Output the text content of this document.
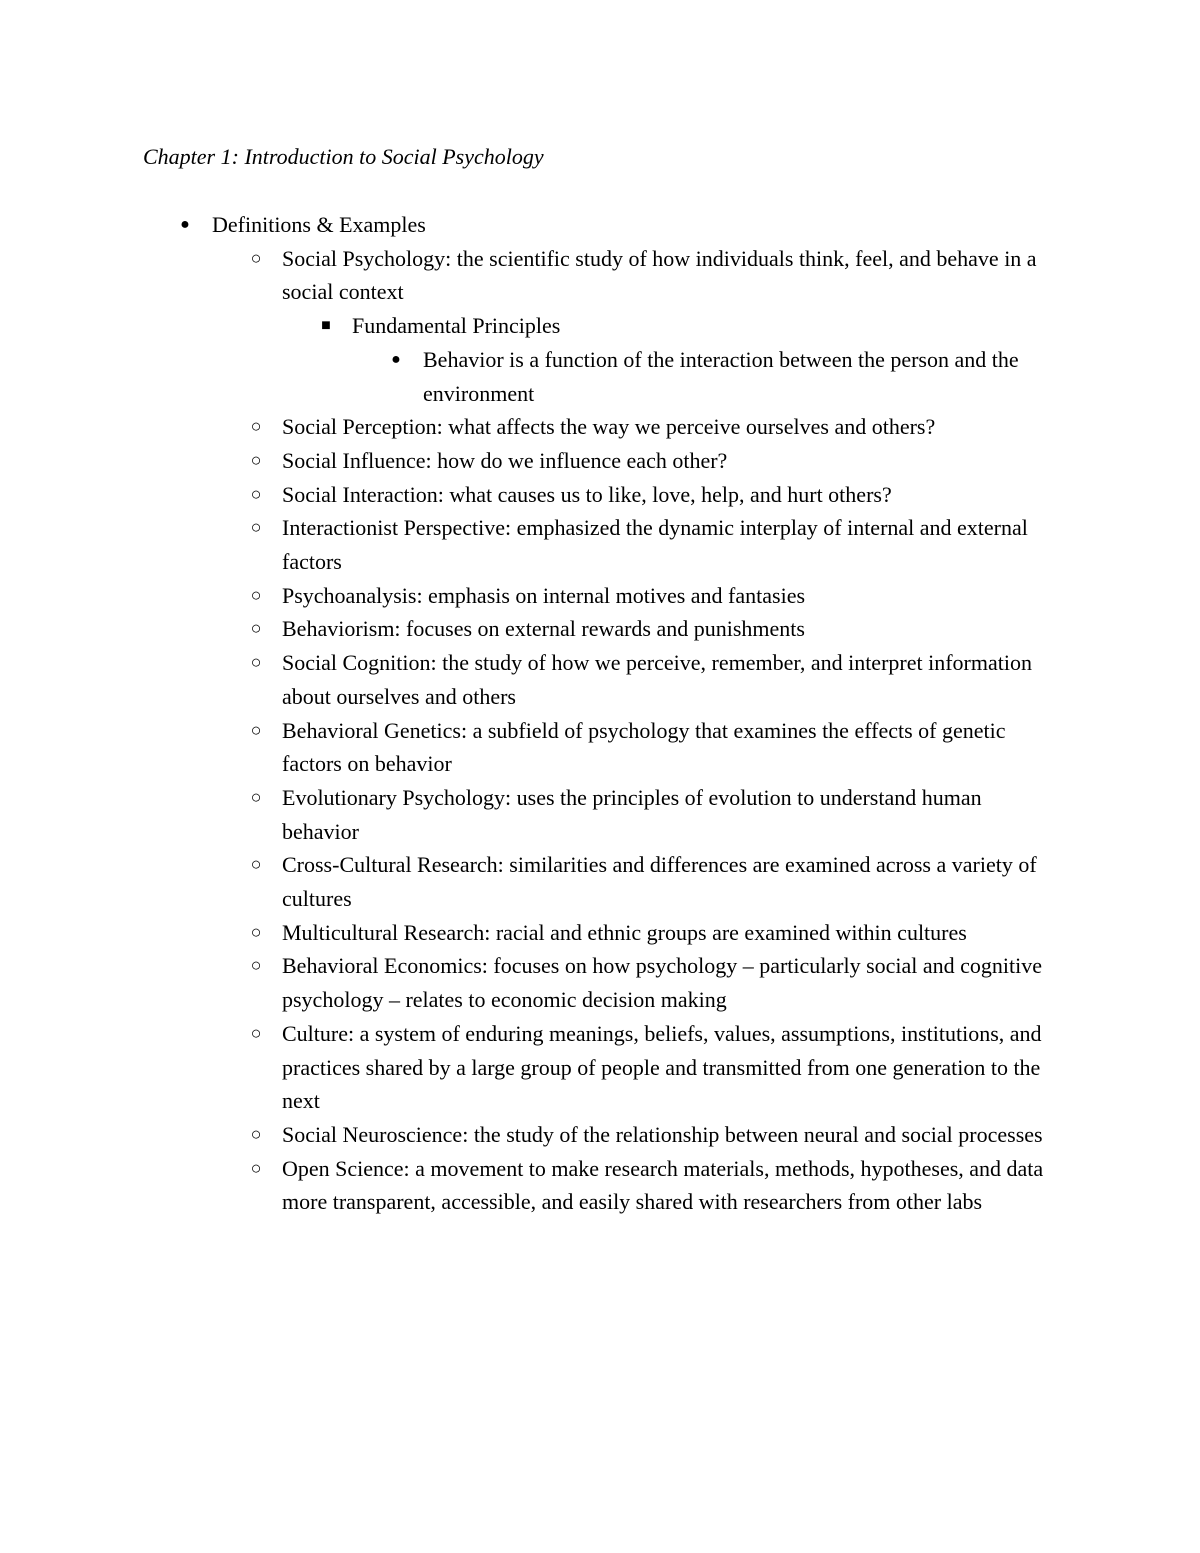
Chapter 1: Introduction to Social Psychology
● Definitions & Examples
○ Social Psychology: the scientific study of how individuals think, feel, and behave in a social context
■ Fundamental Principles
● Behavior is a function of the interaction between the person and the environment
○ Social Perception: what affects the way we perceive ourselves and others?
○ Social Influence: how do we influence each other?
○ Social Interaction: what causes us to like, love, help, and hurt others?
○ Interactionist Perspective: emphasized the dynamic interplay of internal and external factors
○ Psychoanalysis: emphasis on internal motives and fantasies
○ Behaviorism: focuses on external rewards and punishments
○ Social Cognition: the study of how we perceive, remember, and interpret information about ourselves and others
○ Behavioral Genetics: a subfield of psychology that examines the effects of genetic factors on behavior
○ Evolutionary Psychology: uses the principles of evolution to understand human behavior
○ Cross-Cultural Research: similarities and differences are examined across a variety of cultures
○ Multicultural Research: racial and ethnic groups are examined within cultures
○ Behavioral Economics: focuses on how psychology – particularly social and cognitive psychology – relates to economic decision making
○ Culture: a system of enduring meanings, beliefs, values, assumptions, institutions, and practices shared by a large group of people and transmitted from one generation to the next
○ Social Neuroscience: the study of the relationship between neural and social processes
○ Open Science: a movement to make research materials, methods, hypotheses, and data more transparent, accessible, and easily shared with researchers from other labs
